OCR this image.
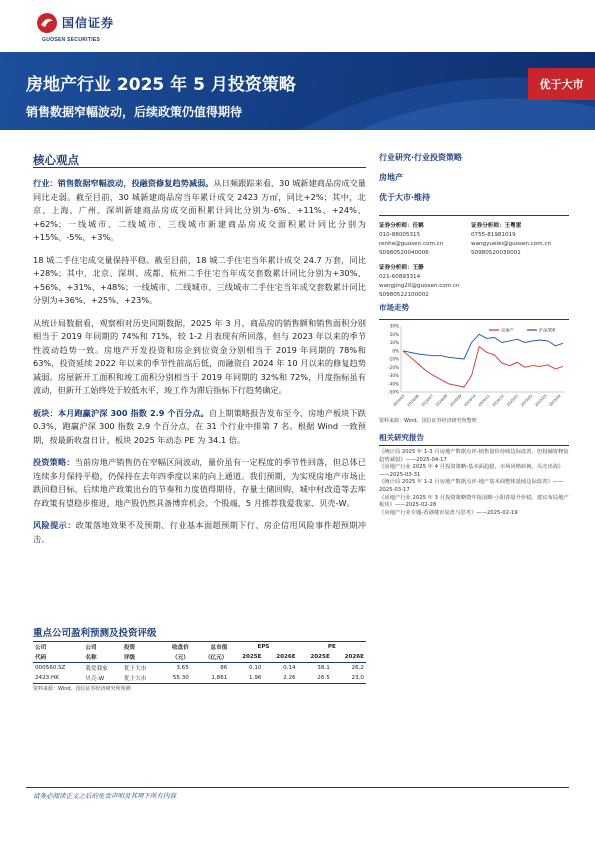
国信证券
GUOSEN SECURITIES
房地产行业 2025 年 5 月投资策略
销售数据窄幅波动，后续政策仍值得期待
优于大市
核心观点

行业：销售数据窄幅波动，投融资修复趋势减弱。从日频跟踪来看，30 城新建商品房成交量同比走弱。截至目前，30 城新建商品房当年累计成交 2423 万㎡，同比+2%；其中，北京、上海、广州、深圳新建商品房成交面积累计同比分别为-6%、+11%、+24%、+62%；一线城市、二线城市、三线城市新建商品房成交面积累计同比分别为+15%、-5%、+3%。

18 城二手住宅成交量保持平稳。截至目前，18 城二手住宅当年累计成交 24.7 万套，同比+28%；其中，北京、深圳、成都、杭州二手住宅当年成交套数累计同比分别为+30%、+56%、+31%、+48%；一线城市、二线城市、三线城市二手住宅当年成交套数累计同比分别为+36%、+25%、+23%。

从统计局数据看，观察相对历史同期数据，2025 年 3 月，商品房的销售额和销售面积分别相当于 2019 年同期的 74%和 71%，较 1-2 月表现有所回落，但与 2023 年以来的季节性波动趋势一致。房地产开发投资和房企到位资金分别相当于 2019 年同期的 78%和 63%，投资延续 2022 年以来的季节性前高后低，而融资自 2024 年 10 月以来的修复趋势减弱。房屋新开工面积和竣工面积分别相当于 2019 年同期的 32%和 72%，月度指标虽有波动，但新开工始终处于较低水平，竣工作为滞后指标下行趋势确定。

板块：本月跑赢沪深 300 指数 2.9 个百分点。自上期策略报告发布至今，房地产板块下跌 0.3%，跑赢沪深 300 指数 2.9 个百分点，在 31 个行业中排第 7 名。根据 Wind 一致预期，按最新收盘日计，板块 2025 年动态 PE 为 34.1 倍。

投资策略：当前房地产销售仍在窄幅区间波动，量价虽有一定程度的季节性回落，但总体已连续多月保持平稳，仍保持在去年四季度以来的向上通道。我们预期，为实现房地产市场止跌回稳目标，后续地产政策出台的节奏和力度值得期待，存量土储回购、城中村改造等去库存政策有望稳步推进，地产股仍然具备博弈机会。个股端，5 月推荐我爱我家、贝壳-W。

风险提示：政策落地效果不及预期、行业基本面超预期下行、房企信用风险事件超预期冲击。

行业研究·行业投资策略
房地产
优于大市·维持
证券分析师：任鹤
010-88005315
renhe@guosen.com.cn
S0980520040006
证券分析师：王粤雷
0755-81981019
wangyuelei@guosen.com.cn
S0980520030001
证券分析师：王静
021-60893314
wangjing20@guosen.com.cn
S0980522100002
市场走势
30%
20%
10%
0%
-10%
-20%
-30%
-40%
-50%
2024/05 2024/06 2024/07 2024/08 2024/09 2024/10 2024/11 2024/12 2025/01 2025/02 2025/03 2025/04
房地产	沪深300
资料来源：Wind、国信证券经济研究所整理
相关研究报告
《统计局 2025 年 1-3 月房地产数据点评-销售量价持续边际改善，但投融资修复趋势减弱》——2025-04-17
《房地产行业 2025 年 4 月投资策略-基本面趋稳，市场风格转换，贝壳出海》——2025-03-31
《统计局 2025 年 1-2 月房地产数据点评-地产基本面整体延续边际改善》——2025-03-17
《房地产行业 2025 年 3 月投资策略暨年报前瞻-小阳春量升价稳，建议布局地产板块》——2025-02-28
《房地产行业专题-香港楼市复盘与思考》——2025-02-19
重点公司盈利预测及投资评级
公司	公司	投资	收盘价	总市值	EPS		PE	
代码	名称	评级	（元）	（亿元）	2025E	2026E	2025E	2026E
000560.SZ	我爱我家	优于大市	3.65	86	0.10	0.14	38.1	26.2
2423.HK	贝壳-W	优于大市	55.30	1,861	1.96	2.26	26.5	23.0
资料来源：Wind、国信证券经济研究所预测
请务必阅读正文之后的免责声明及其项下所有内容
